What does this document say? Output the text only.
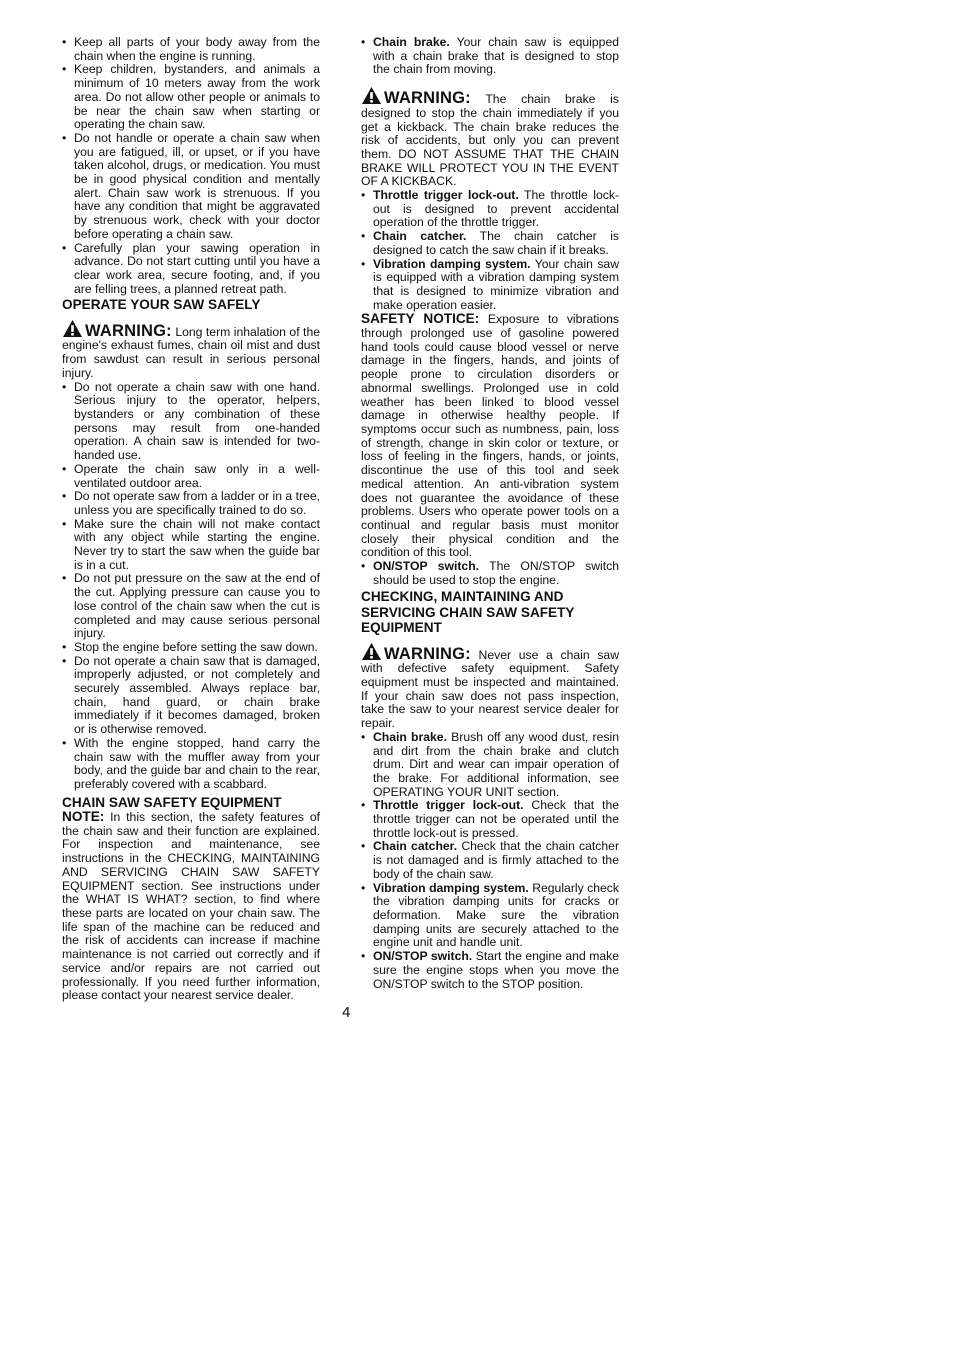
• Keep all parts of your body away from the chain when the engine is running.
• Keep children, bystanders, and animals a minimum of 10 meters away from the work area. Do not allow other people or animals to be near the chain saw when starting or operating the chain saw.
• Do not handle or operate a chain saw when you are fatigued, ill, or upset, or if you have taken alcohol, drugs, or medication. You must be in good physical condition and mentally alert. Chain saw work is strenuous. If you have any condition that might be aggravated by strenuous work, check with your doctor before operating a chain saw.
• Carefully plan your sawing operation in advance. Do not start cutting until you have a clear work area, secure footing, and, if you are felling trees, a planned retreat path.
OPERATE YOUR SAW SAFELY

WARNING: Long term inhalation of the engine's exhaust fumes, chain oil mist and dust from sawdust can result in serious personal injury.

• Do not operate a chain saw with one hand. Serious injury to the operator, helpers, bystanders or any combination of these persons may result from one-handed operation. A chain saw is intended for two-handed use.
• Operate the chain saw only in a well-ventilated outdoor area.
• Do not operate saw from a ladder or in a tree, unless you are specifically trained to do so.
• Make sure the chain will not make contact with any object while starting the engine. Never try to start the saw when the guide bar is in a cut.
• Do not put pressure on the saw at the end of the cut. Applying pressure can cause you to lose control of the chain saw when the cut is completed and may cause serious personal injury.
• Stop the engine before setting the saw down.
• Do not operate a chain saw that is damaged, improperly adjusted, or not completely and securely assembled. Always replace bar, chain, hand guard, or chain brake immediately if it becomes damaged, broken or is otherwise removed.
• With the engine stopped, hand carry the chain saw with the muffler away from your body, and the guide bar and chain to the rear, preferably covered with a scabbard.
CHAIN SAW SAFETY EQUIPMENT

NOTE: In this section, the safety features of the chain saw and their function are explained. For inspection and maintenance, see instructions in the CHECKING, MAINTAINING AND SERVICING CHAIN SAW SAFETY EQUIPMENT section. See instructions under the WHAT IS WHAT? section, to find where these parts are located on your chain saw. The life span of the machine can be reduced and the risk of accidents can increase if machine maintenance is not carried out correctly and if service and/or repairs are not carried out professionally. If you need further information, please contact your nearest service dealer.

• Chain brake. Your chain saw is equipped with a chain brake that is designed to stop the chain from moving.

WARNING: The chain brake is designed to stop the chain immediately if you get a kickback. The chain brake reduces the risk of accidents, but only you can prevent them. DO NOT ASSUME THAT THE CHAIN BRAKE WILL PROTECT YOU IN THE EVENT OF A KICKBACK.

• Throttle trigger lock-out. The throttle lock-out is designed to prevent accidental operation of the throttle trigger.
• Chain catcher. The chain catcher is designed to catch the saw chain if it breaks.
• Vibration damping system. Your chain saw is equipped with a vibration damping system that is designed to minimize vibration and make operation easier.

SAFETY NOTICE: Exposure to vibrations through prolonged use of gasoline powered hand tools could cause blood vessel or nerve damage in the fingers, hands, and joints of people prone to circulation disorders or abnormal swellings. Prolonged use in cold weather has been linked to blood vessel damage in otherwise healthy people. If symptoms occur such as numbness, pain, loss of strength, change in skin color or texture, or loss of feeling in the fingers, hands, or joints, discontinue the use of this tool and seek medical attention. An anti-vibration system does not guarantee the avoidance of these problems. Users who operate power tools on a continual and regular basis must monitor closely their physical condition and the condition of this tool.

• ON/STOP switch. The ON/STOP switch should be used to stop the engine.
CHECKING, MAINTAINING AND SERVICING CHAIN SAW SAFETY EQUIPMENT

WARNING: Never use a chain saw with defective safety equipment. Safety equipment must be inspected and maintained. If your chain saw does not pass inspection, take the saw to your nearest service dealer for repair.

• Chain brake. Brush off any wood dust, resin and dirt from the chain brake and clutch drum. Dirt and wear can impair operation of the brake. For additional information, see OPERATING YOUR UNIT section.
• Throttle trigger lock-out. Check that the throttle trigger can not be operated until the throttle lock-out is pressed.
• Chain catcher. Check that the chain catcher is not damaged and is firmly attached to the body of the chain saw.
• Vibration damping system. Regularly check the vibration damping units for cracks or deformation. Make sure the vibration damping units are securely attached to the engine unit and handle unit.
• ON/STOP switch. Start the engine and make sure the engine stops when you move the ON/STOP switch to the STOP position.
4
